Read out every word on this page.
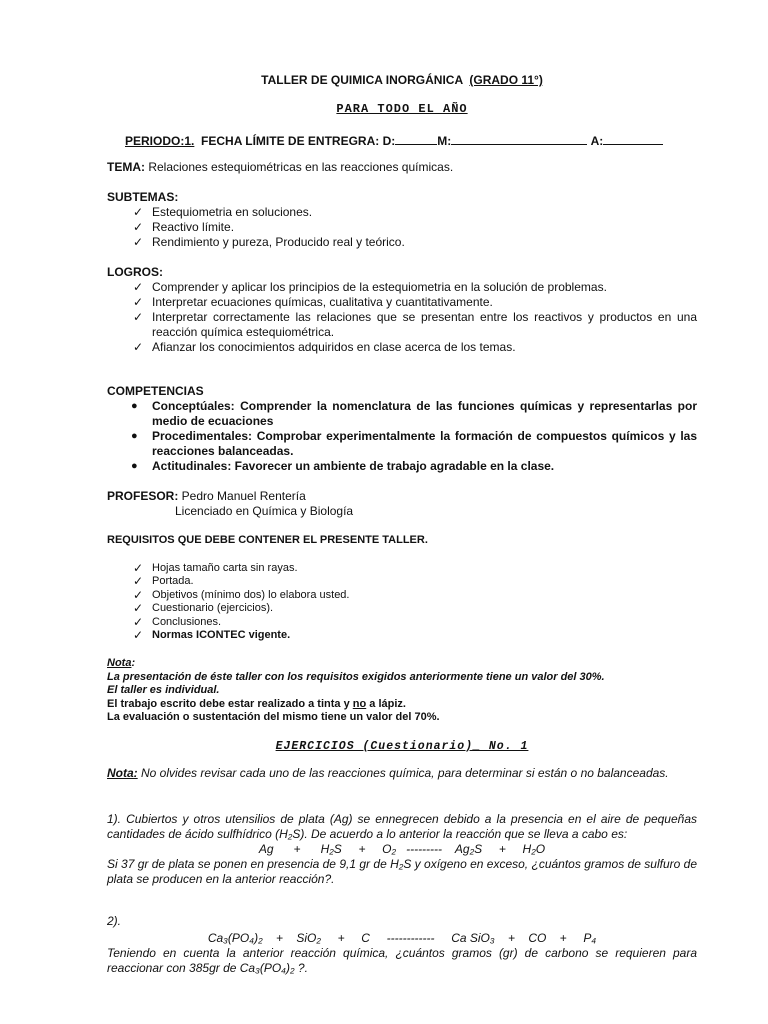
TALLER DE QUIMICA INORGÁNICA (GRADO 11°)
PARA TODO EL AÑO
PERIODO:1. FECHA LÍMITE DE ENTREGRA: D:	M:	A:
TEMA: Relaciones estequiométricas en las reacciones químicas.
SUBTEMAS:
✓ Estequiometria en soluciones.
✓ Reactivo límite.
✓ Rendimiento y pureza, Producido real y teórico.
LOGROS:
✓ Comprender y aplicar los principios de la estequiometria en la solución de problemas.
✓ Interpretar ecuaciones químicas, cualitativa y cuantitativamente.
✓ Interpretar correctamente las relaciones que se presentan entre los reactivos y productos en una reacción química estequiométrica.
✓ Afianzar los conocimientos adquiridos en clase acerca de los temas.
COMPETENCIAS
● Conceptúales: Comprender la nomenclatura de las funciones químicas y representarlas por medio de ecuaciones
● Procedimentales: Comprobar experimentalmente la formación de compuestos químicos y las reacciones balanceadas.
● Actitudinales: Favorecer un ambiente de trabajo agradable en la clase.
PROFESOR: Pedro Manuel Rentería
Licenciado en Química y Biología
REQUISITOS QUE DEBE CONTENER EL PRESENTE TALLER.
✓ Hojas tamaño carta sin rayas.
✓ Portada.
✓ Objetivos (mínimo dos) lo elabora usted.
✓ Cuestionario (ejercicios).
✓ Conclusiones.
✓ Normas ICONTEC vigente.
Nota:
La presentación de éste taller con los requisitos exigidos anteriormente tiene un valor del 30%.
El taller es individual.
El trabajo escrito debe estar realizado a tinta y no a lápiz.
La evaluación o sustentación del mismo tiene un valor del 70%.
EJERCICIOS (Cuestionario)_ No. 1
Nota: No olvides revisar cada uno de las reacciones química, para determinar si están o no balanceadas.
1). Cubiertos y otros utensilios de plata (Ag) se ennegrecen debido a la presencia en el aire de pequeñas cantidades de ácido sulfhídrico (H₂S). De acuerdo a lo anterior la reacción que se lleva a cabo es:
Ag      +      H₂S     +     O₂   ---------    Ag₂S     +     H₂O
Si 37 gr de plata se ponen en presencia de 9,1 gr de H₂S y oxígeno en exceso, ¿cuántos gramos de sulfuro de plata se producen en la anterior reacción?.
2).
Ca₃(PO₄)₂    +    SiO₂     +     C     ------------     Ca SiO₃    +    CO    +     P₄
Teniendo en cuenta la anterior reacción química, ¿cuántos gramos (gr) de carbono se requieren para reaccionar con 385gr de Ca₃(PO₄)₂ ?.
